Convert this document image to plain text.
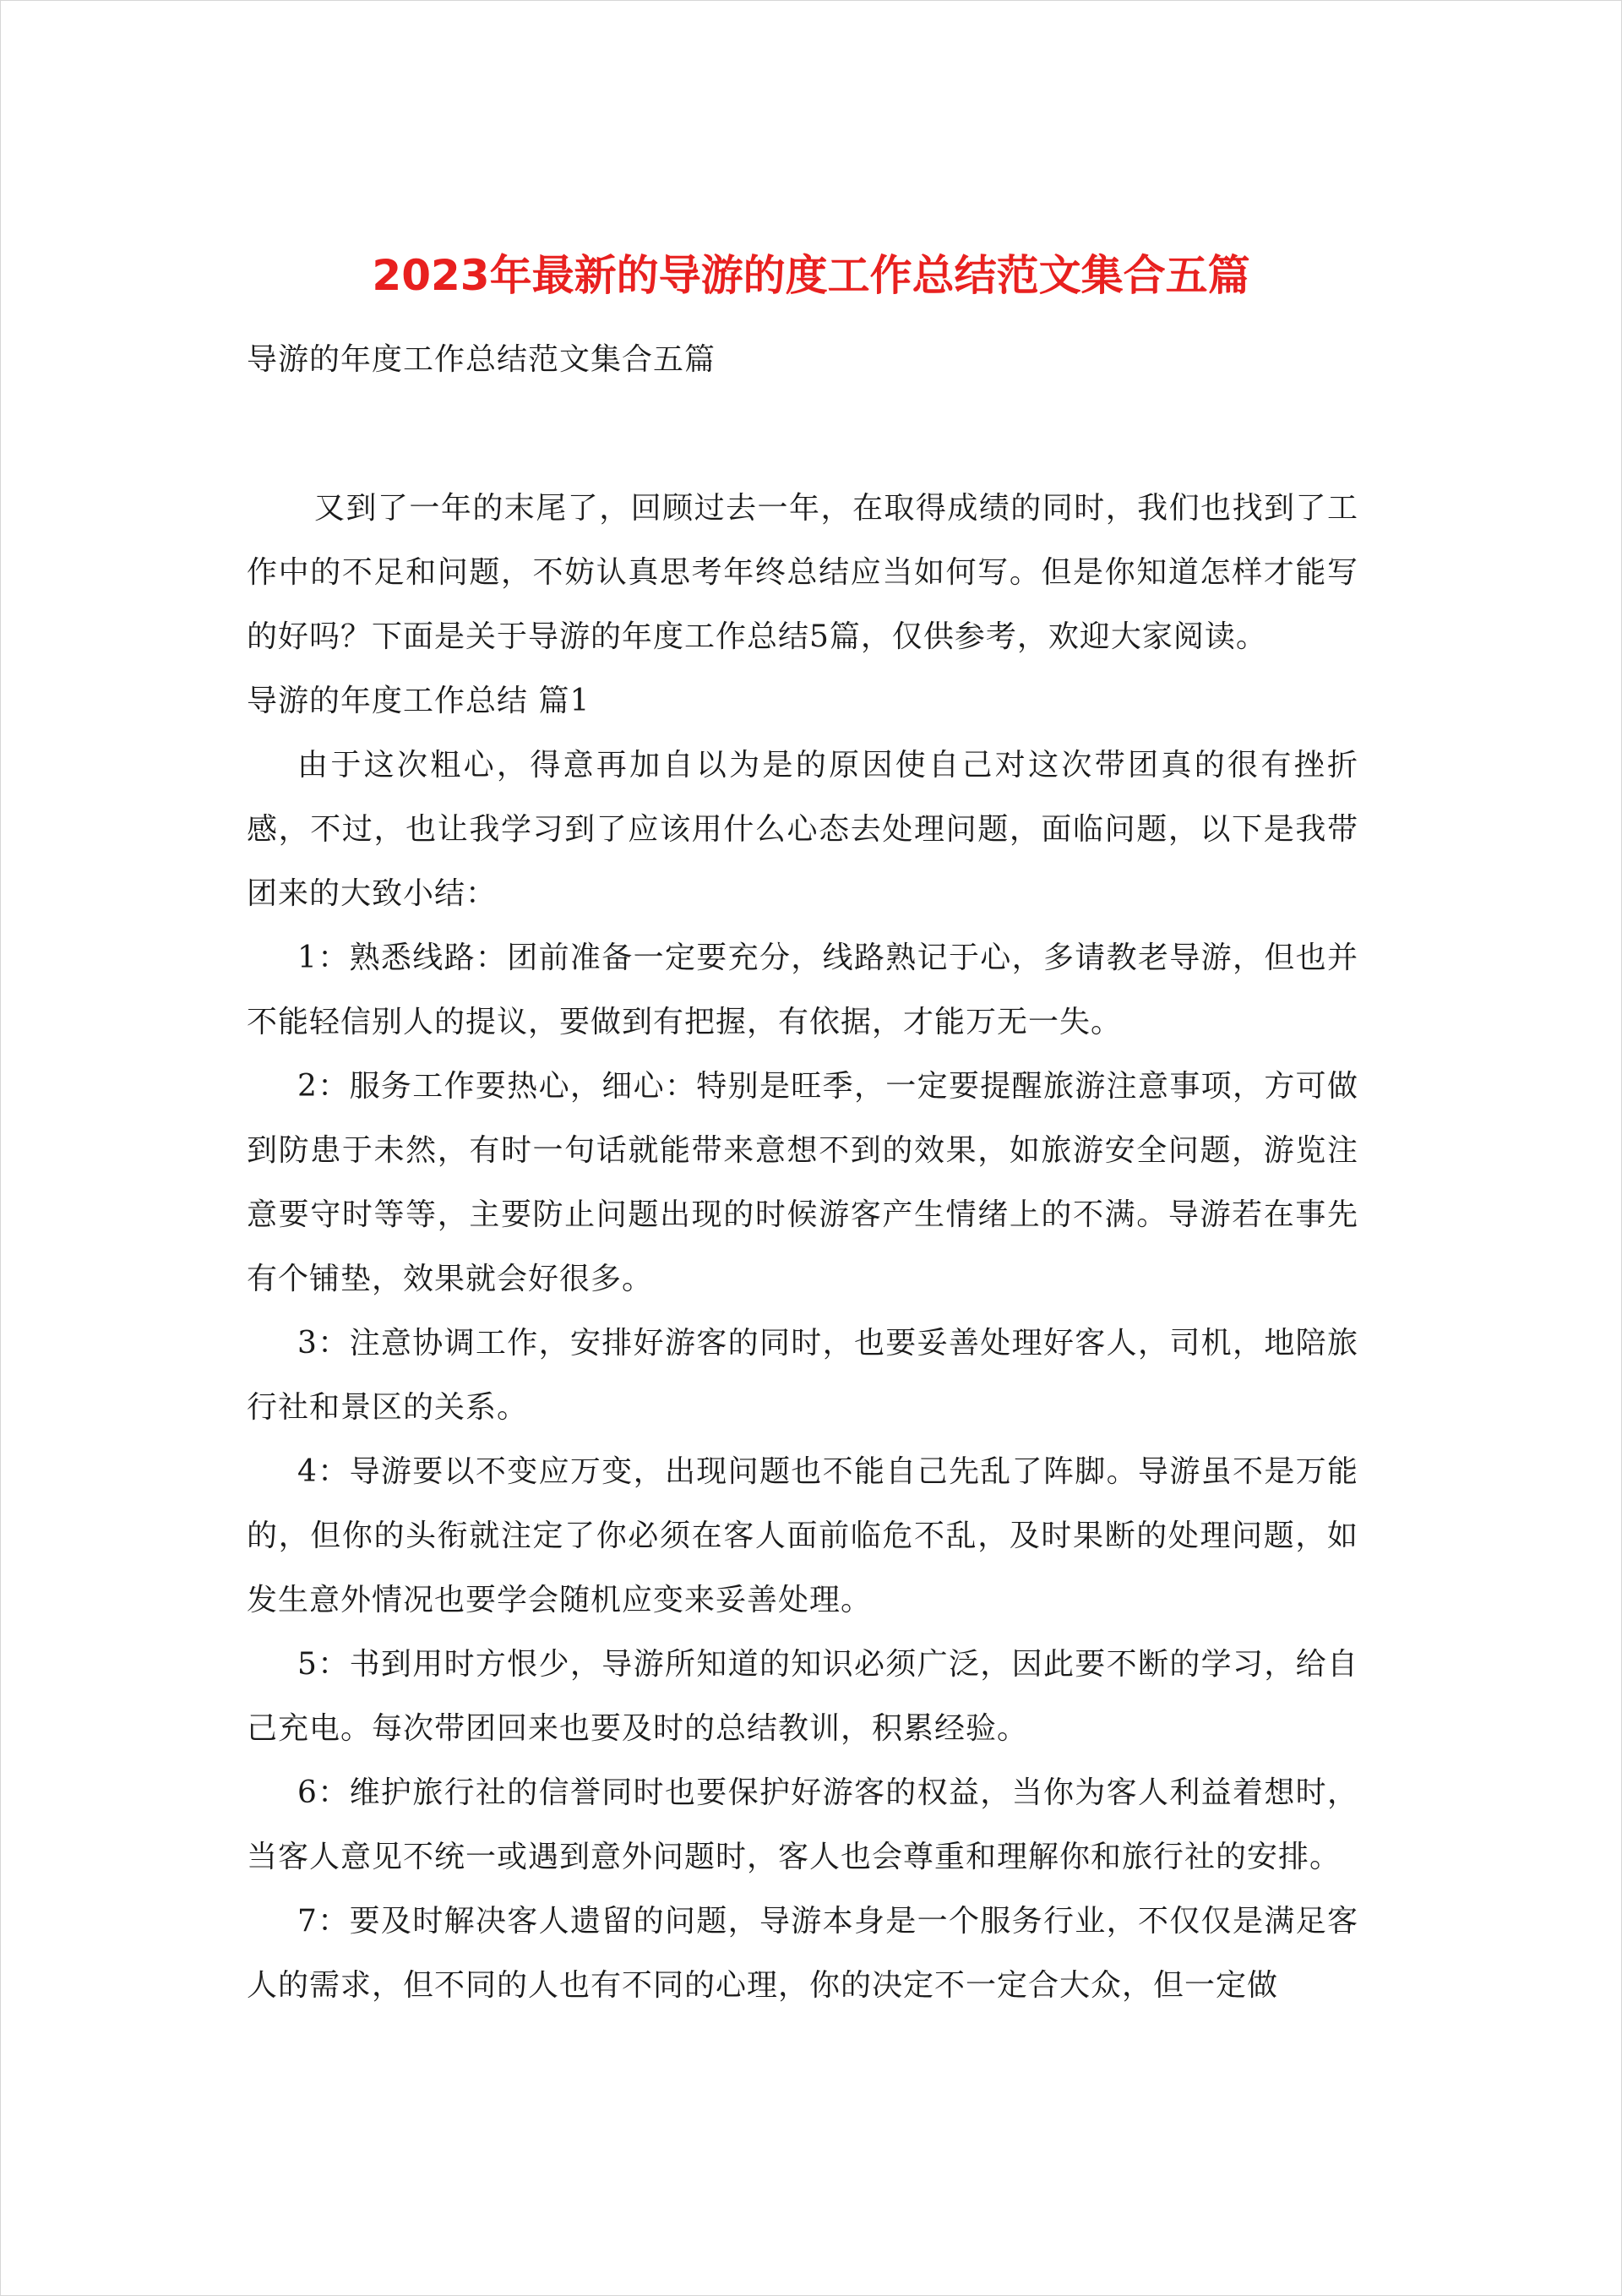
2023年最新的导游的度工作总结范文集合五篇

导游的年度工作总结范文集合五篇

又到了一年的末尾了，回顾过去一年，在取得成绩的同时，我们也找到了工作中的不足和问题，不妨认真思考年终总结应当如何写。但是你知道怎样才能写的好吗？下面是关于导游的年度工作总结5篇，仅供参考，欢迎大家阅读。

导游的年度工作总结 篇1

由于这次粗心，得意再加自以为是的原因使自己对这次带团真的很有挫折感，不过，也让我学习到了应该用什么心态去处理问题，面临问题，以下是我带团来的大致小结：

1：熟悉线路：团前准备一定要充分，线路熟记于心，多请教老导游，但也并不能轻信别人的提议，要做到有把握，有依据，才能万无一失。

2：服务工作要热心，细心：特别是旺季，一定要提醒旅游注意事项，方可做到防患于未然，有时一句话就能带来意想不到的效果，如旅游安全问题，游览注意要守时等等，主要防止问题出现的时候游客产生情绪上的不满。导游若在事先有个铺垫，效果就会好很多。

3：注意协调工作，安排好游客的同时，也要妥善处理好客人，司机，地陪旅行社和景区的关系。

4：导游要以不变应万变，出现问题也不能自己先乱了阵脚。导游虽不是万能的，但你的头衔就注定了你必须在客人面前临危不乱，及时果断的处理问题，如发生意外情况也要学会随机应变来妥善处理。

5：书到用时方恨少，导游所知道的知识必须广泛，因此要不断的学习，给自己充电。每次带团回来也要及时的总结教训，积累经验。

6：维护旅行社的信誉同时也要保护好游客的权益，当你为客人利益着想时，当客人意见不统一或遇到意外问题时，客人也会尊重和理解你和旅行社的安排。

7：要及时解决客人遗留的问题，导游本身是一个服务行业，不仅仅是满足客人的需求，但不同的人也有不同的心理，你的决定不一定合大众，但一定做
